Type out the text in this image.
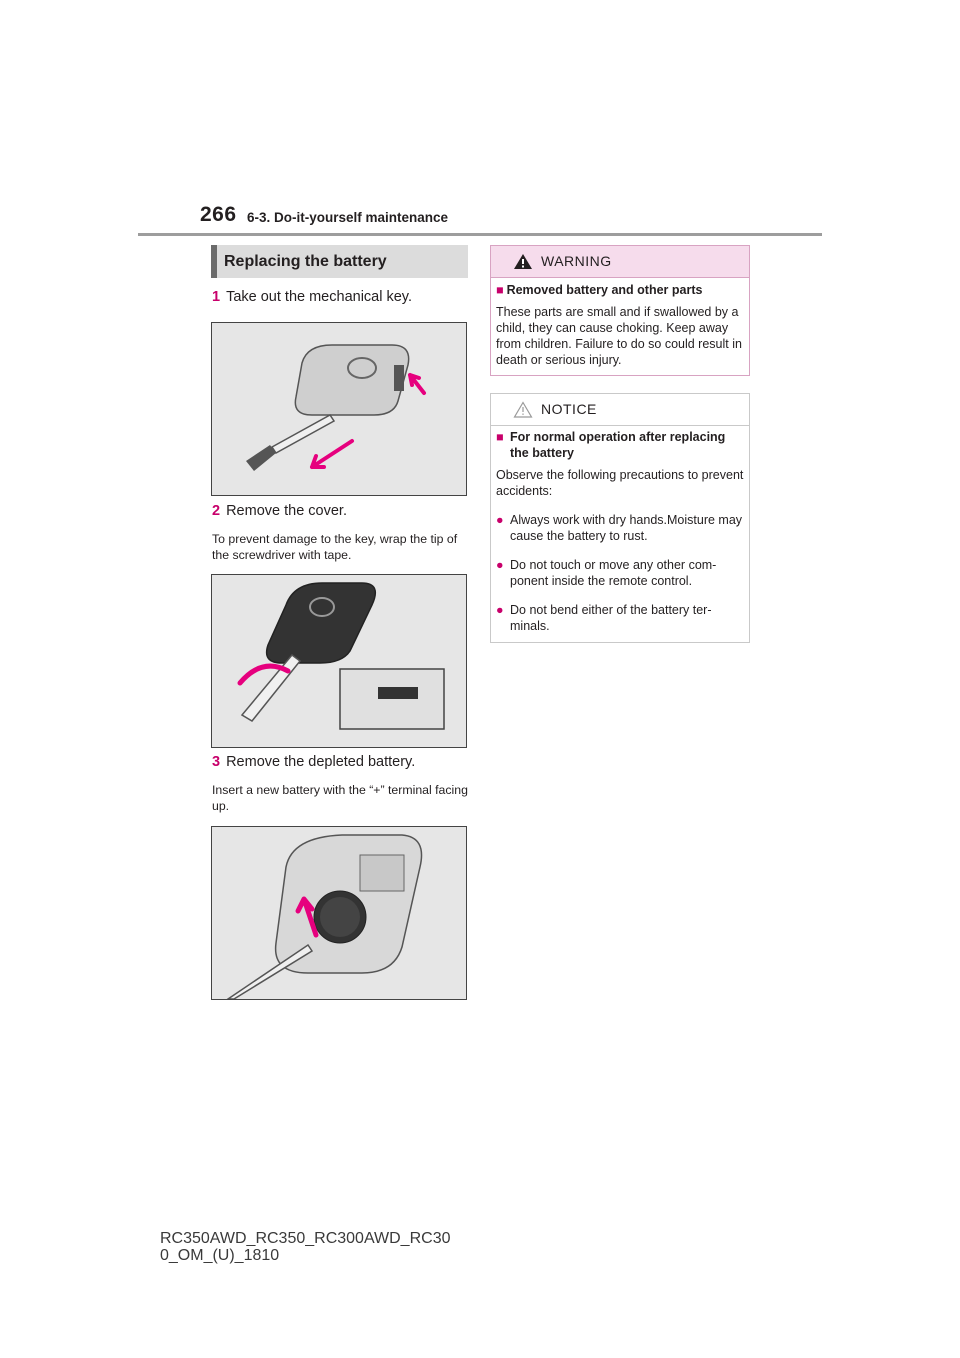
266 6-3. Do-it-yourself maintenance
Replacing the battery
1 Take out the mechanical key.
2 Remove the cover.
To prevent damage to the key, wrap the tip of the screwdriver with tape.
3 Remove the depleted battery.
Insert a new battery with the “+” terminal facing up.
WARNING
■ Removed battery and other parts
These parts are small and if swallowed by a child, they can cause choking. Keep away from children. Failure to do so could result in death or serious injury.
NOTICE
■ For normal operation after replacing the battery
Observe the following precautions to prevent accidents:
● Always work with dry hands.Moisture may cause the battery to rust.
● Do not touch or move any other com-ponent inside the remote control.
● Do not bend either of the battery ter-minals.
RC350AWD_RC350_RC300AWD_RC30
0_OM_(U)_1810
